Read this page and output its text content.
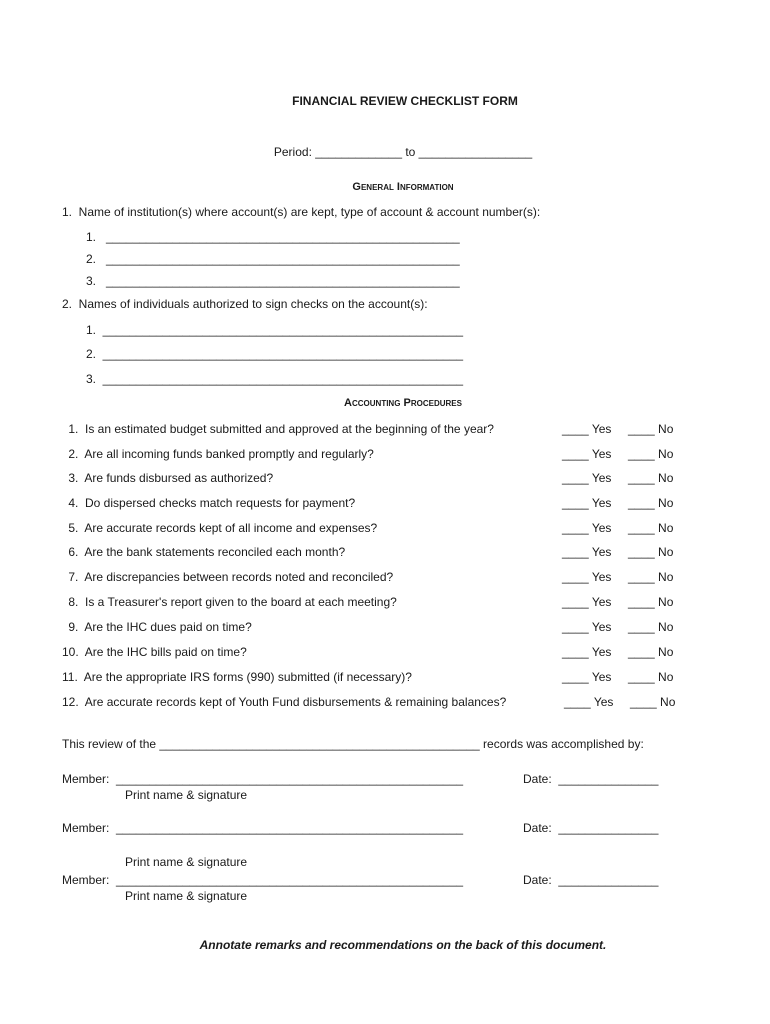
FINANCIAL REVIEW CHECKLIST FORM
Period: _____________ to _________________
General Information
1.  Name of institution(s) where account(s) are kept, type of account & account number(s):
1.   _____________________________________________________
2.   _____________________________________________________
3.   _____________________________________________________
2.  Names of individuals authorized to sign checks on the account(s):
1.  ______________________________________________________
2.  ______________________________________________________
3.  ______________________________________________________
Accounting Procedures
1.  Is an estimated budget submitted and approved at the beginning of the year?	____ Yes ____ No
2.  Are all incoming funds banked promptly and regularly?	____ Yes ____ No
3.  Are funds disbursed as authorized?	____ Yes ____ No
4.  Do dispersed checks match requests for payment?	____ Yes ____ No
5.  Are accurate records kept of all income and expenses?	____ Yes ____ No
6.  Are the bank statements reconciled each month?	____ Yes ____ No
7.  Are discrepancies between records noted and reconciled?	____ Yes ____ No
8.  Is a Treasurer's report given to the board at each meeting?	____ Yes ____ No
9.  Are the IHC dues paid on time?	____ Yes ____ No
10.  Are the IHC bills paid on time?	____ Yes ____ No
11.  Are the appropriate IRS forms (990) submitted (if necessary)?	____ Yes ____ No
12.  Are accurate records kept of Youth Fund disbursements & remaining balances?	____ Yes ____ No
This review of the ________________________________________________ records was accomplished by:
Member:  ____________________________________________________	Date:  _______________
Print name & signature
Member:  ____________________________________________________	Date:  _______________
Print name & signature
Member:  ____________________________________________________	Date:  _______________
Print name & signature
Annotate remarks and recommendations on the back of this document.
